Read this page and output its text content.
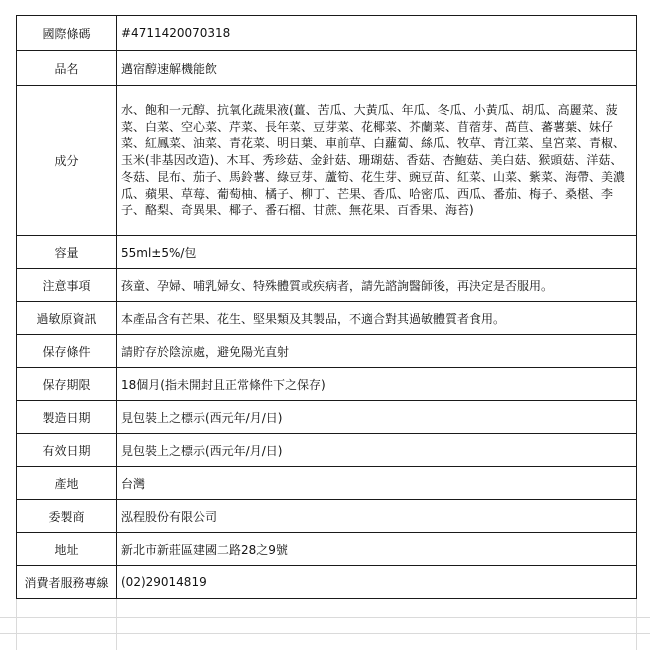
國際條碼	#4711420070318
品名	邁宿醇速解機能飲
成分	水、飽和一元醇、抗氧化蔬果液(薑、苦瓜、大黃瓜、年瓜、冬瓜、小黃瓜、胡瓜、高麗菜、菠菜、白菜、空心菜、芹菜、長年菜、豆芽菜、花椰菜、芥蘭菜、苜蓿芽、萵苣、蕃薯葉、妹仔菜、紅鳳菜、油菜、青花菜、明日葉、車前草、白蘿蔔、絲瓜、牧草、青江菜、皇宮菜、青椒、玉米(非基因改造)、木耳、秀珍菇、金針菇、珊瑚菇、香菇、杏鮑菇、美白菇、猴頭菇、洋菇、冬菇、昆布、茄子、馬鈴薯、綠豆芽、蘆筍、花生芽、豌豆苗、紅菜、山菜、紫菜、海帶、美濃瓜、蘋果、草莓、葡萄柚、橘子、柳丁、芒果、香瓜、哈密瓜、西瓜、番茄、梅子、桑椹、李子、酪梨、奇異果、椰子、番石榴、甘蔗、無花果、百香果、海苔)
容量	55ml±5%/包
注意事項	孩童、孕婦、哺乳婦女、特殊體質或疾病者，請先諮詢醫師後，再決定是否服用。
過敏原資訊	本產品含有芒果、花生、堅果類及其製品，不適合對其過敏體質者食用。
保存條件	請貯存於陰涼處，避免陽光直射
保存期限	18個月(指未開封且正常條件下之保存)
製造日期	見包裝上之標示(西元年/月/日)
有效日期	見包裝上之標示(西元年/月/日)
產地	台灣
委製商	泓程股份有限公司
地址	新北市新莊區建國二路28之9號
消費者服務專線	(02)29014819
